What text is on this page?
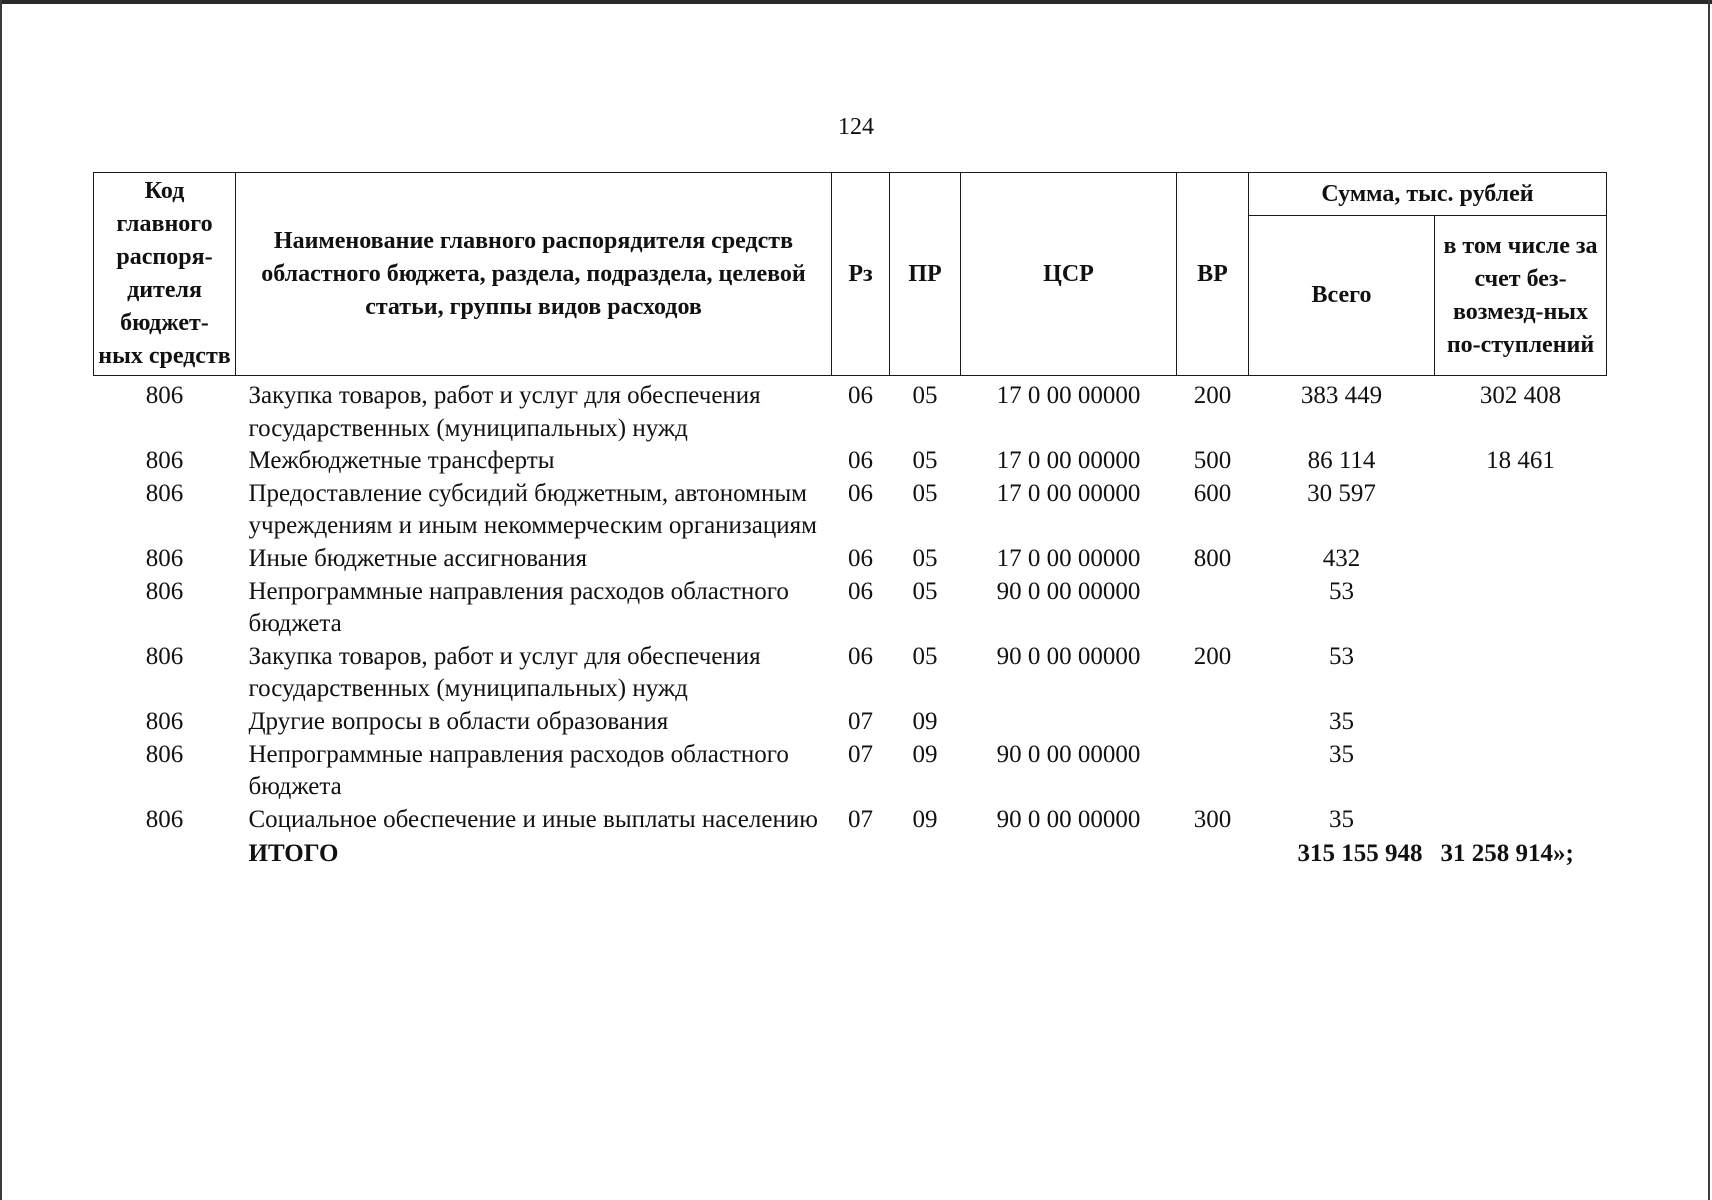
124
Код главного распоря-дителя бюджет-ных средств	Наименование главного распорядителя средств областного бюджета, раздела, подраздела, целевой статьи, группы видов расходов	Рз	ПР	ЦСР	ВР	Сумма, тыс. рублей	
						Всего	в том числе за счет без-возмезд-ных по-ступлений
806	Закупка товаров, работ и услуг для обеспечения государственных (муниципальных) нужд	06	05	17 0 00 00000	200	383 449	302 408
806	Межбюджетные трансферты	06	05	17 0 00 00000	500	86 114	18 461
806	Предоставление субсидий бюджетным, автономным учреждениям и иным некоммерческим организациям	06	05	17 0 00 00000	600	30 597	
806	Иные бюджетные ассигнования	06	05	17 0 00 00000	800	432	
806	Непрограммные направления расходов областного бюджета	06	05	90 0 00 00000		53	
806	Закупка товаров, работ и услуг для обеспечения государственных (муниципальных) нужд	06	05	90 0 00 00000	200	53	
806	Другие вопросы в области образования	07	09			35	
806	Непрограммные направления расходов областного бюджета	07	09	90 0 00 00000		35	
806	Социальное обеспечение и иные выплаты населению	07	09	90 0 00 00000	300	35	
	ИТОГО					315 155 948	31 258 914»;
